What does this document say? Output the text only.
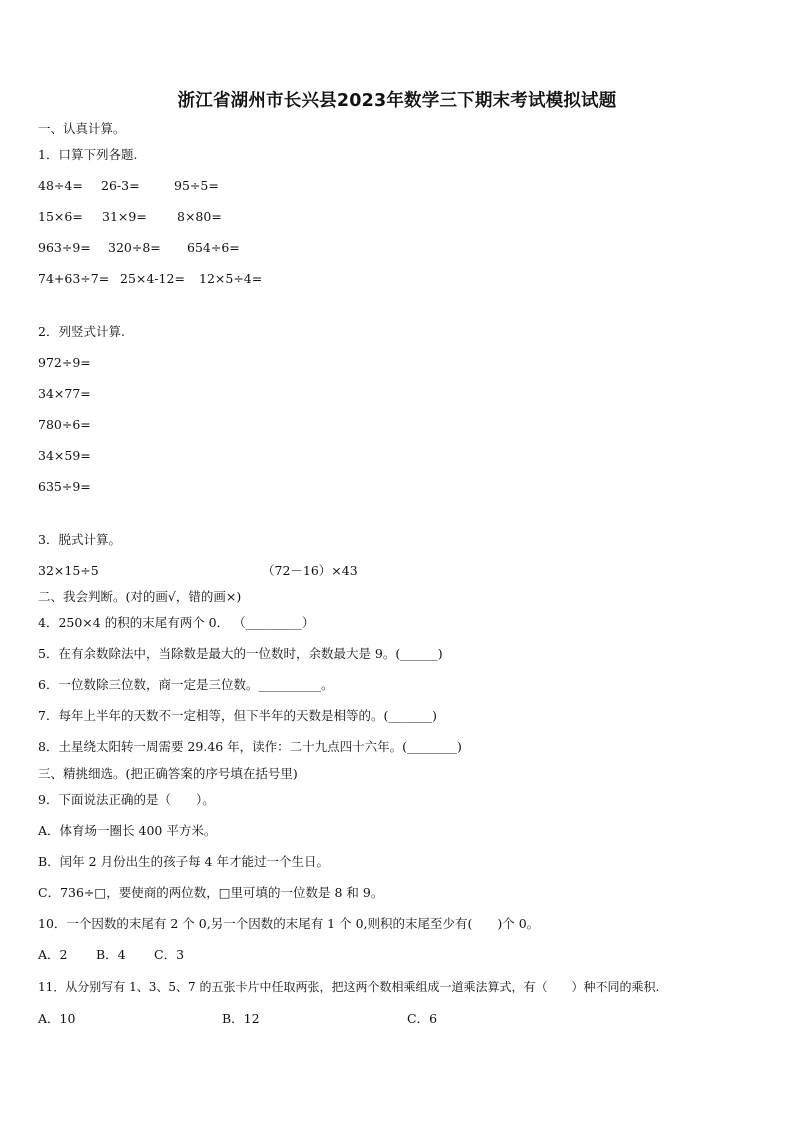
浙江省湖州市长兴县2023年数学三下期末考试模拟试题
一、认真计算。
1．口算下列各题.
48÷4= 26-3=	95÷5=
15×6= 31×9= 8×80=
963÷9= 320÷8= 654÷6=
74+63÷7= 25×4-12= 12×5÷4=
2．列竖式计算.
972÷9=
34×77=
780÷6=
34×59=
635÷9=
3．脱式计算。
32×15÷5	（72－16）×43
二、我会判断。(对的画√，错的画×)
4．250×4 的积的末尾有两个 0． （_________）
5．在有余数除法中，当除数是最大的一位数时，余数最大是 9。(______)
6．一位数除三位数，商一定是三位数。__________。
7．每年上半年的天数不一定相等，但下半年的天数是相等的。(_______)
8．土星绕太阳转一周需要 29.46 年，读作：二十九点四十六年。(________)
三、精挑细选。(把正确答案的序号填在括号里)
9．下面说法正确的是（　　）。
A．体育场一圈长 400 平方米。
B．闰年 2 月份出生的孩子每 4 年才能过一个生日。
C．736÷□，要使商的两位数，□里可填的一位数是 8 和 9。
10．一个因数的末尾有 2 个 0,另一个因数的末尾有 1 个 0,则积的末尾至少有(　　)个 0。
A．2 B．4 C．3
11．从分别写有 1、3、5、7 的五张卡片中任取两张，把这两个数相乘组成一道乘法算式，有（　　）种不同的乘积.
A．10	B．12	C．6
